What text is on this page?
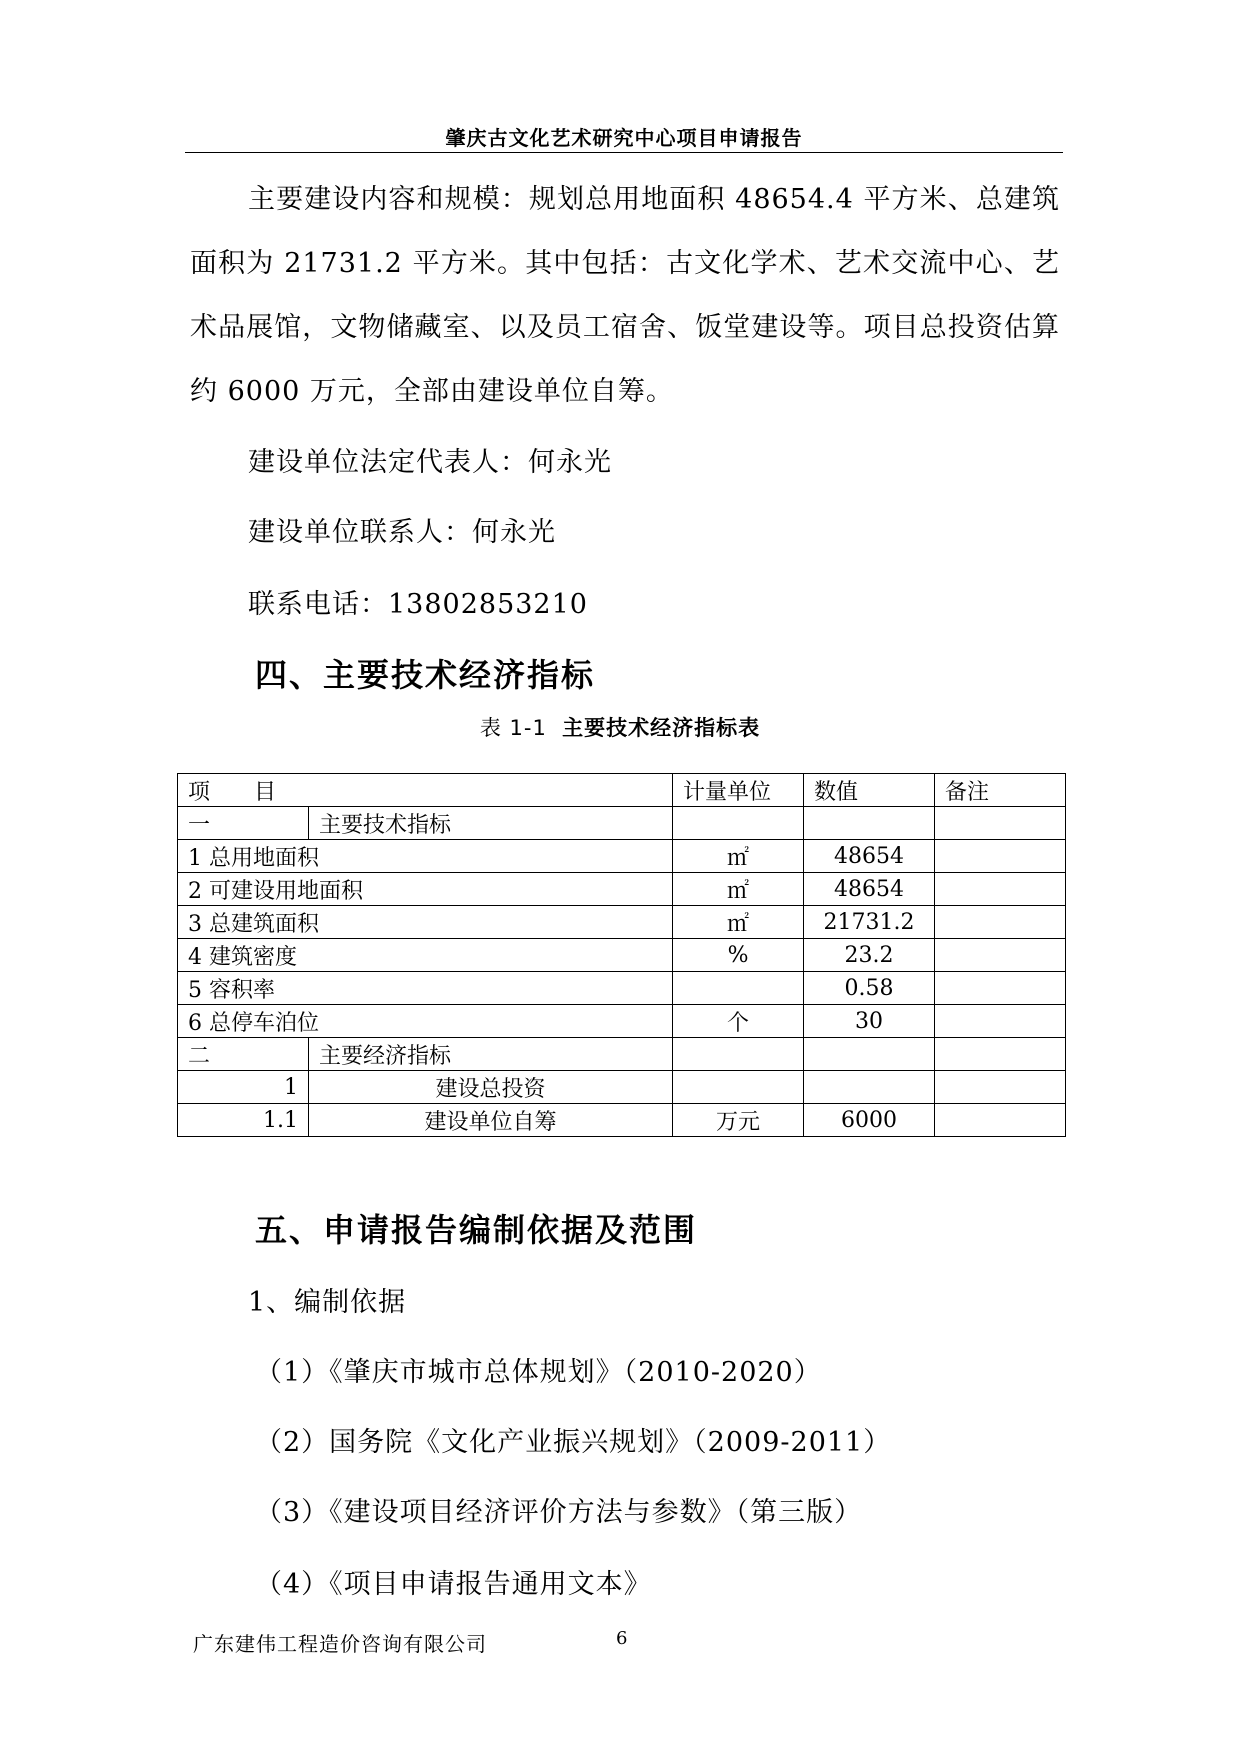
肇庆古文化艺术研究中心项目申请报告
主要建设内容和规模：规划总用地面积 48654.4 平方米、总建筑面积为 21731.2 平方米。其中包括：古文化学术、艺术交流中心、艺术品展馆，文物储藏室、以及员工宿舍、饭堂建设等。项目总投资估算约 6000 万元，全部由建设单位自筹。
建设单位法定代表人：何永光
建设单位联系人：何永光
联系电话：13802853210
四、主要技术经济指标
表 1-1 主要技术经济指标表
项　　目		计量单位	数值	备注
一	主要技术指标			
1 总用地面积		㎡	48654	
2 可建设用地面积		㎡	48654	
3 总建筑面积		㎡	21731.2	
4 建筑密度		%	23.2	
5 容积率			0.58	
6 总停车泊位		个	30	
二	主要经济指标			
1	建设总投资			
1.1	建设单位自筹	万元	6000	
五、申请报告编制依据及范围
1、编制依据
（1）《肇庆市城市总体规划》（2010-2020）
（2）国务院《文化产业振兴规划》（2009-2011）
（3）《建设项目经济评价方法与参数》（第三版）
（4）《项目申请报告通用文本》
广东建伟工程造价咨询有限公司	6
